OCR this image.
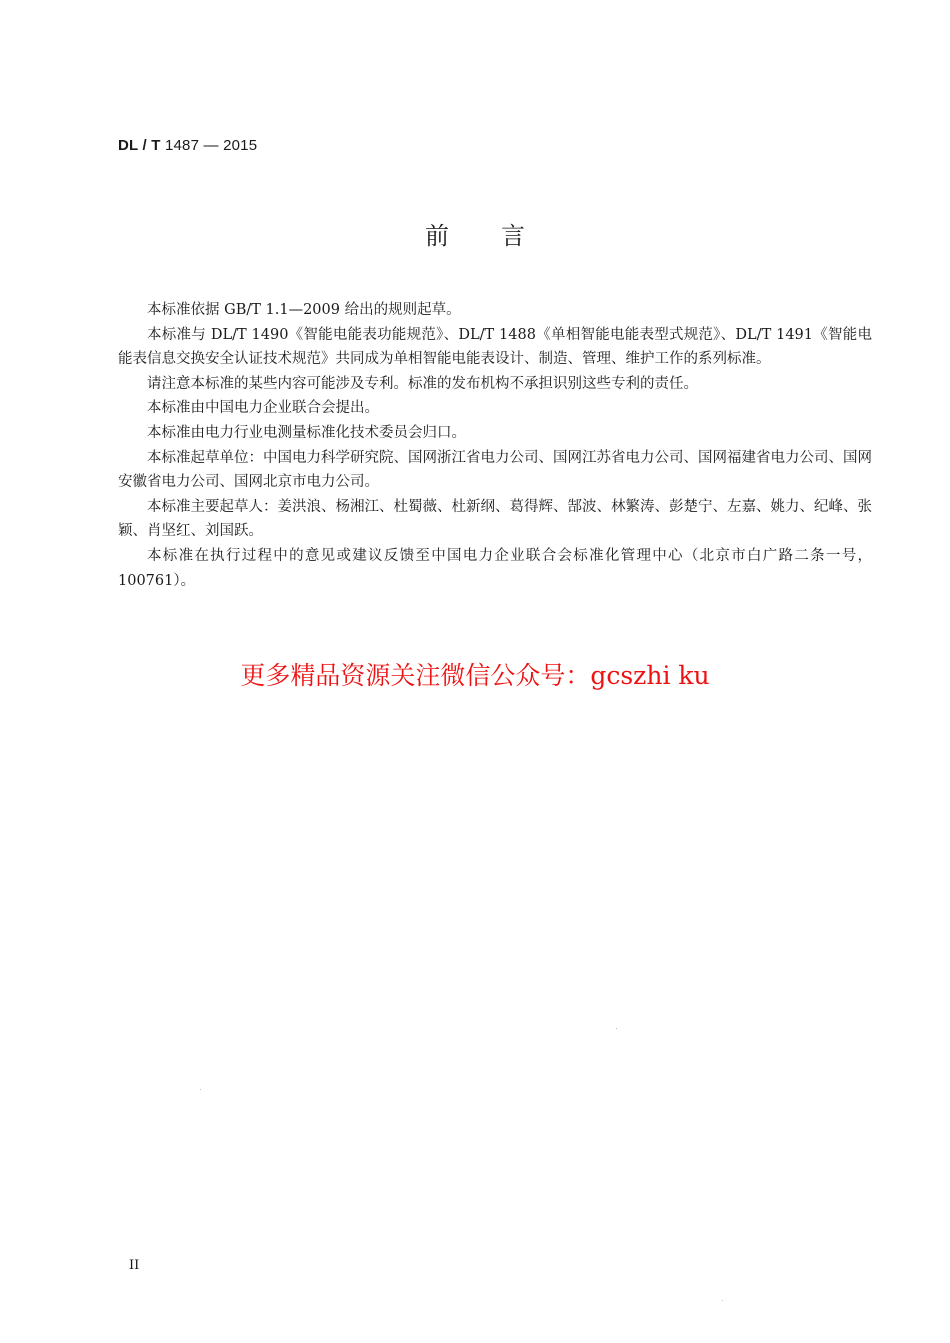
DL / T 1487 — 2015
前言

本标准依据 GB/T 1.1—2009 给出的规则起草。

本标准与 DL/T 1490《智能电能表功能规范》、DL/T 1488《单相智能电能表型式规范》、DL/T 1491《智能电能表信息交换安全认证技术规范》共同成为单相智能电能表设计、制造、管理、维护工作的系列标准。

请注意本标准的某些内容可能涉及专利。标准的发布机构不承担识别这些专利的责任。

本标准由中国电力企业联合会提出。

本标准由电力行业电测量标准化技术委员会归口。

本标准起草单位：中国电力科学研究院、国网浙江省电力公司、国网江苏省电力公司、国网福建省电力公司、国网安徽省电力公司、国网北京市电力公司。

本标准主要起草人：姜洪浪、杨湘江、杜蜀薇、杜新纲、葛得辉、郜波、林繁涛、彭楚宁、左嘉、姚力、纪峰、张颖、肖坚红、刘国跃。

本标准在执行过程中的意见或建议反馈至中国电力企业联合会标准化管理中心（北京市白广路二条一号，100761）。

更多精品资源关注微信公众号：gcszhi ku
II
